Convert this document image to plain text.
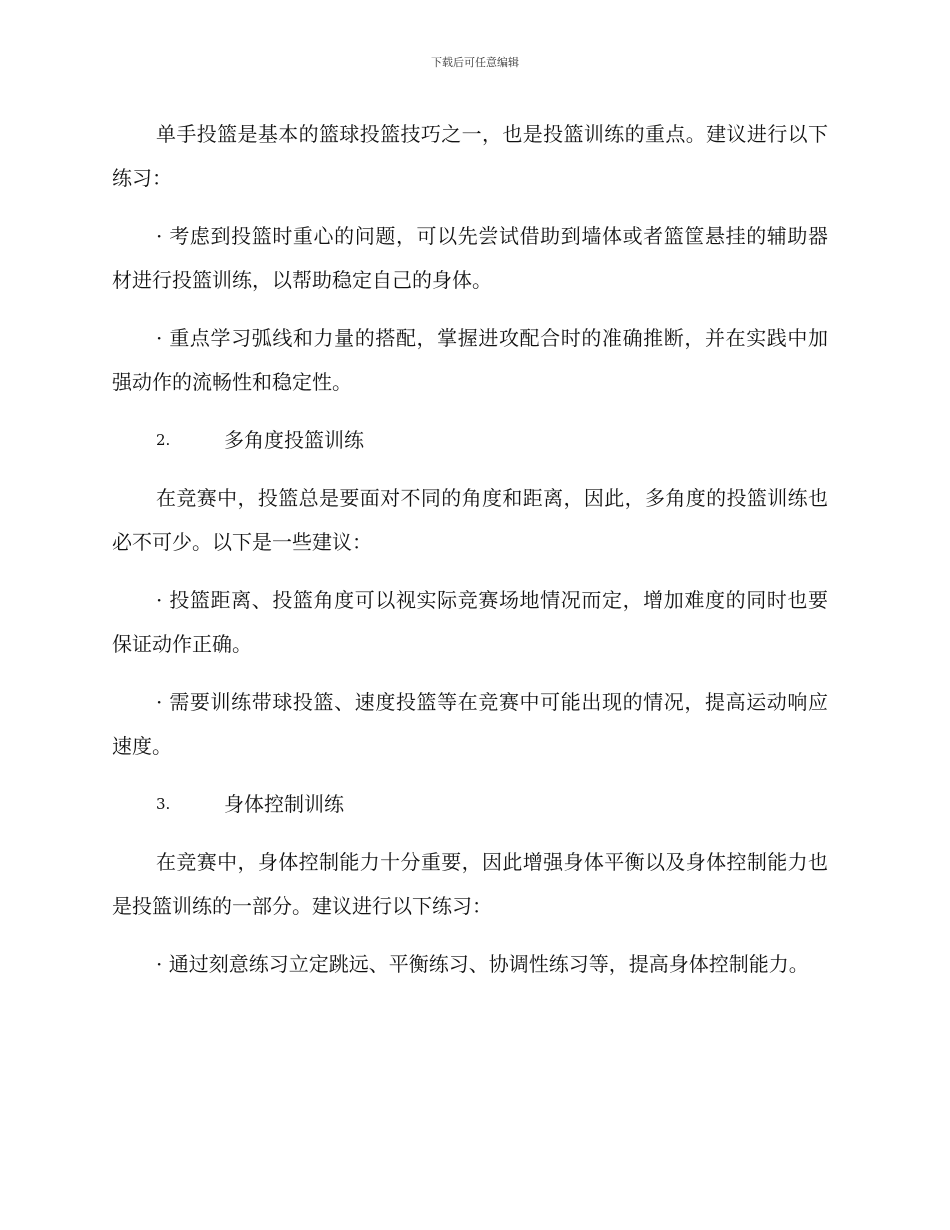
下载后可任意编辑

单手投篮是基本的篮球投篮技巧之一，也是投篮训练的重点。建议进行以下练习：

· 考虑到投篮时重心的问题，可以先尝试借助到墙体或者篮筐悬挂的辅助器材进行投篮训练，以帮助稳定自己的身体。

· 重点学习弧线和力量的搭配，掌握进攻配合时的准确推断，并在实践中加强动作的流畅性和稳定性。

2.	多角度投篮训练

在竞赛中，投篮总是要面对不同的角度和距离，因此，多角度的投篮训练也必不可少。以下是一些建议：

· 投篮距离、投篮角度可以视实际竞赛场地情况而定，增加难度的同时也要保证动作正确。

· 需要训练带球投篮、速度投篮等在竞赛中可能出现的情况，提高运动响应速度。

3.	身体控制训练

在竞赛中，身体控制能力十分重要，因此增强身体平衡以及身体控制能力也是投篮训练的一部分。建议进行以下练习：

· 通过刻意练习立定跳远、平衡练习、协调性练习等，提高身体控制能力。
